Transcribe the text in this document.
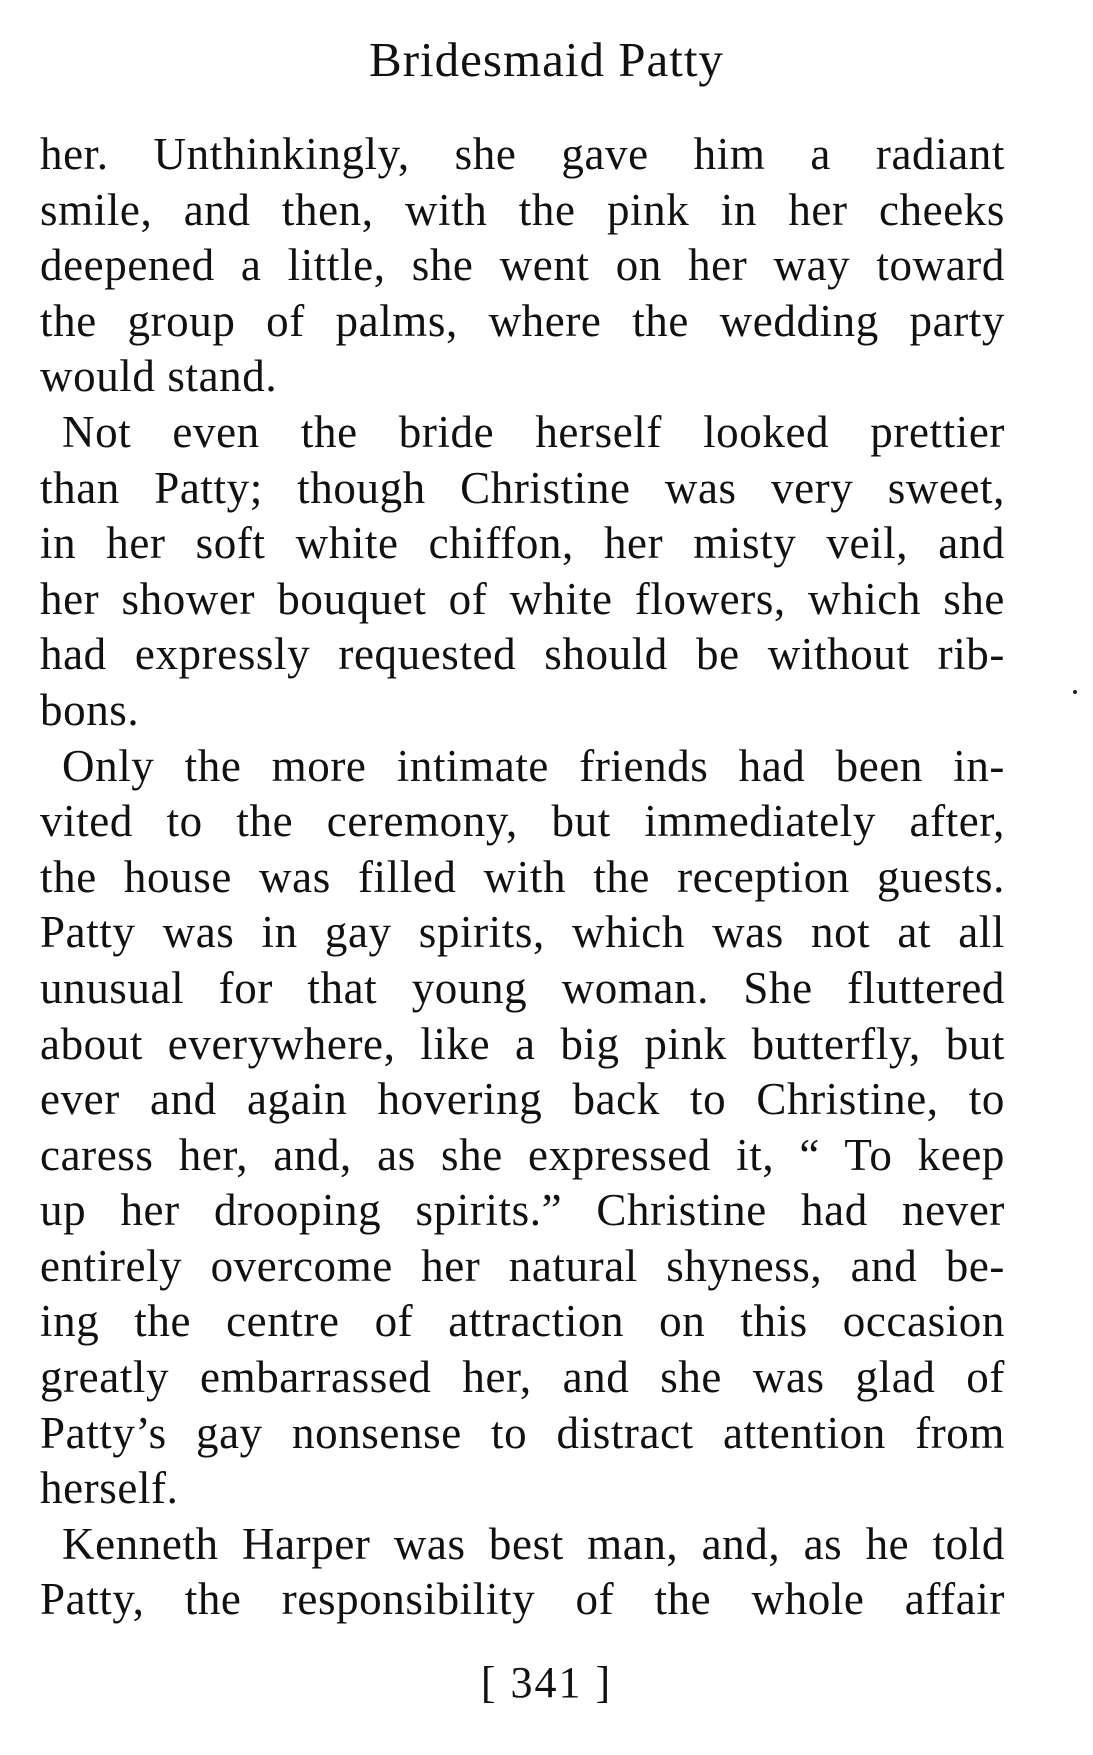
Bridesmaid Patty
her. Unthinkingly, she gave him a radiant
smile, and then, with the pink in her cheeks
deepened a little, she went on her way toward
the group of palms, where the wedding party
would stand.
Not even the bride herself looked prettier
than Patty; though Christine was very sweet,
in her soft white chiffon, her misty veil, and
her shower bouquet of white flowers, which she
had expressly requested should be without rib-
bons.
Only the more intimate friends had been in-
vited to the ceremony, but immediately after,
the house was filled with the reception guests.
Patty was in gay spirits, which was not at all
unusual for that young woman. She fluttered
about everywhere, like a big pink butterfly, but
ever and again hovering back to Christine, to
caress her, and, as she expressed it, “ To keep
up her drooping spirits.” Christine had never
entirely overcome her natural shyness, and be-
ing the centre of attraction on this occasion
greatly embarrassed her, and she was glad of
Patty’s gay nonsense to distract attention from
herself.
Kenneth Harper was best man, and, as he told
Patty, the responsibility of the whole affair
[ 341 ]
